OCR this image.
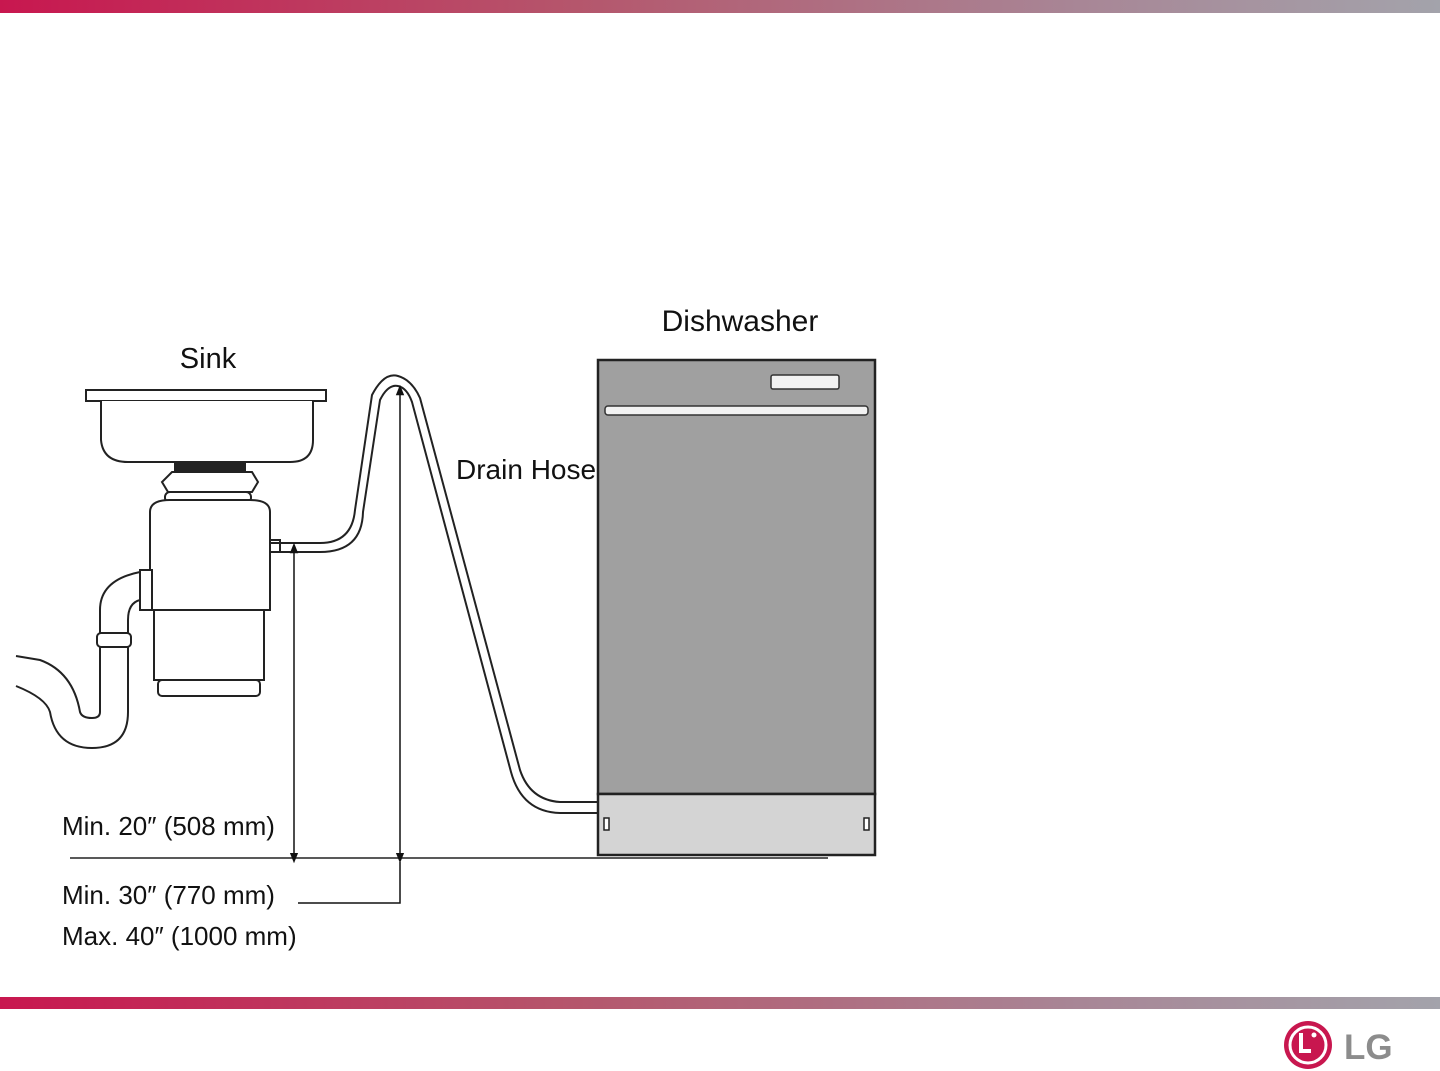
Sink
Dishwasher
Drain Hose
Min. 20″ (508 mm)
Min. 30″ (770 mm)
Max. 40″ (1000 mm)
LG
